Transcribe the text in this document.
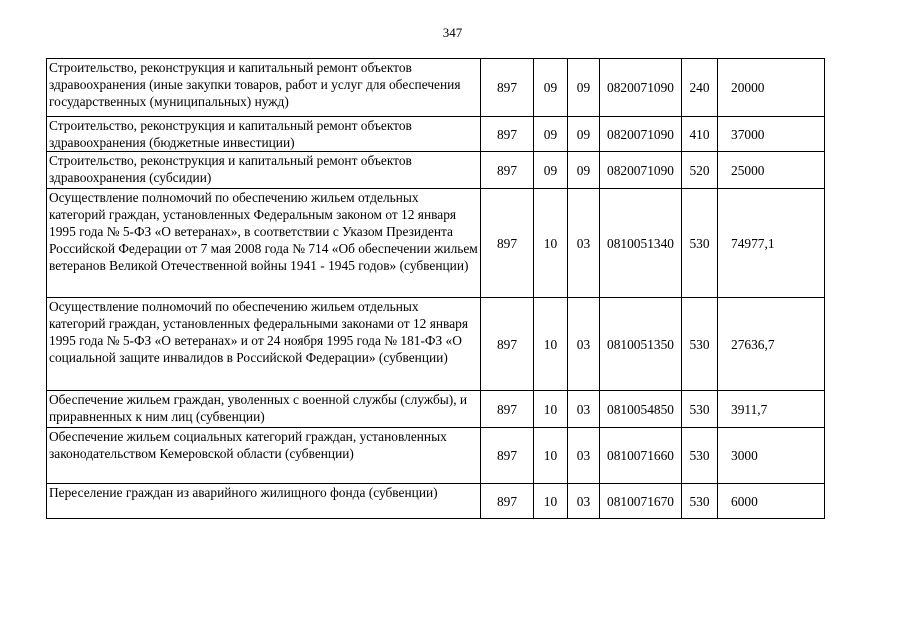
347
Строительство, реконструкция и капитальный ремонт объектов здравоохранения (иные закупки товаров, работ и услуг для обеспечения государственных (муниципальных) нужд)	897	09	09	0820071090	240	20000
Строительство, реконструкция и капитальный ремонт объектов здравоохранения (бюджетные инвестиции)	897	09	09	0820071090	410	37000
Строительство, реконструкция и капитальный ремонт объектов здравоохранения (субсидии)	897	09	09	0820071090	520	25000
Осуществление полномочий по обеспечению жильем отдельных категорий граждан, установленных Федеральным законом от 12 января 1995 года № 5-ФЗ «О ветеранах», в соответствии с Указом Президента Российской Федерации от 7 мая 2008 года № 714 «Об обеспечении жильем ветеранов Великой Отечественной войны 1941 - 1945 годов» (субвенции)	897	10	03	0810051340	530	74977,1
Осуществление полномочий по обеспечению жильем отдельных категорий граждан, установленных федеральными законами от 12 января 1995 года № 5-ФЗ «О ветеранах» и от 24 ноября 1995 года № 181-ФЗ «О социальной защите инвалидов в Российской Федерации» (субвенции)	897	10	03	0810051350	530	27636,7
Обеспечение жильем граждан, уволенных с военной службы (службы), и приравненных к ним лиц (субвенции)	897	10	03	0810054850	530	3911,7
Обеспечение жильем социальных категорий граждан, установленных законодательством Кемеровской области (субвенции)	897	10	03	0810071660	530	3000
Переселение граждан из аварийного жилищного фонда (субвенции)	897	10	03	0810071670	530	6000
